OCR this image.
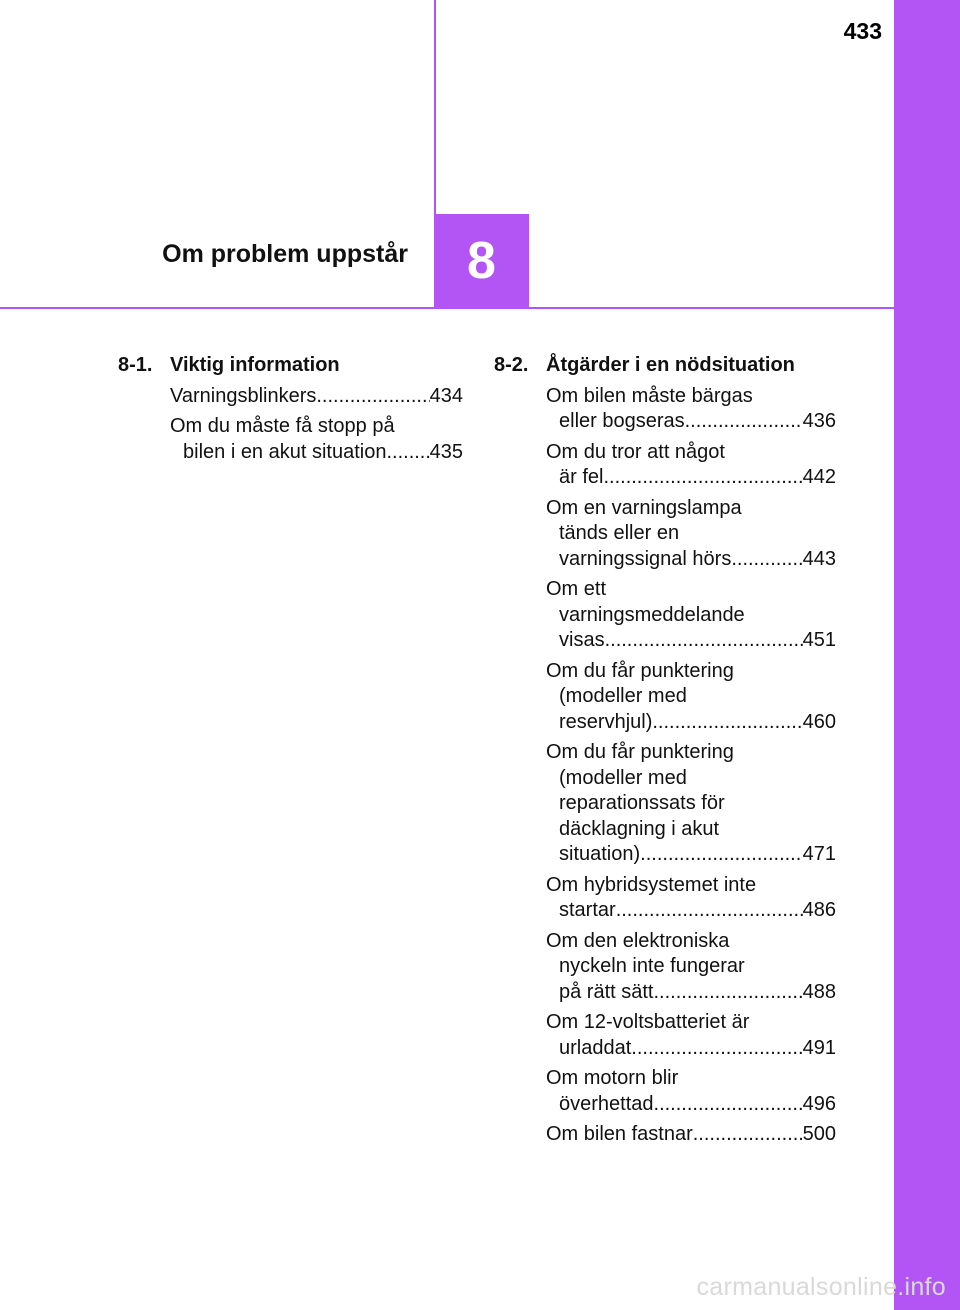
433
Om problem uppstår	8
8-1. Viktig information
Varningsblinkers .....	434
Om du måste få stopp på
bilen i en akut situation ..... 435
8-2. Åtgärder i en nödsituation
Om bilen måste bärgas
eller bogseras .....	436
Om du tror att något
är fel .....	442
Om en varningslampa
tänds eller en
varningssignal hörs .....	443
Om ett
varningsmeddelande
visas .....	451
Om du får punktering
(modeller med
reservhjul) .....	460
Om du får punktering
(modeller med
reparationssats för
däcklagning i akut
situation) .....	471
Om hybridsystemet inte
startar .....	486
Om den elektroniska
nyckeln inte fungerar
på rätt sätt .....	488
Om 12-voltsbatteriet är
urladdat .....	491
Om motorn blir
överhettad .....	496
Om bilen fastnar .....	500
carmanualsonline.info
